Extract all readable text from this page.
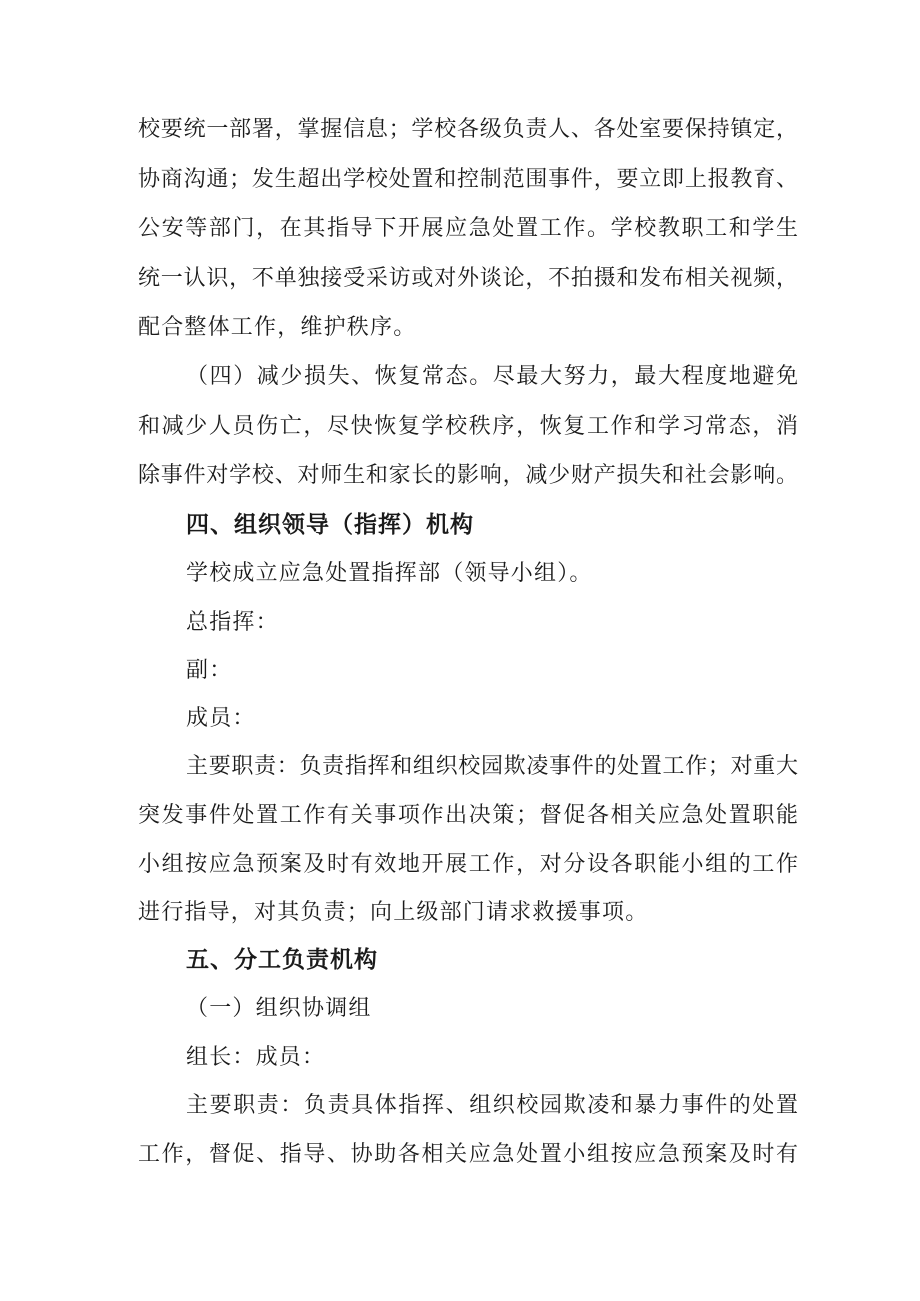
校要统一部署，掌握信息；学校各级负责人、各处室要保持镇定，
协商沟通；发生超出学校处置和控制范围事件，要立即上报教育、
公安等部门，在其指导下开展应急处置工作。学校教职工和学生
统一认识，不单独接受采访或对外谈论，不拍摄和发布相关视频，
配合整体工作，维护秩序。
（四）减少损失、恢复常态。尽最大努力，最大程度地避免
和减少人员伤亡，尽快恢复学校秩序，恢复工作和学习常态，消
除事件对学校、对师生和家长的影响，减少财产损失和社会影响。
四、组织领导（指挥）机构
学校成立应急处置指挥部（领导小组）。
总指挥：
副：
成员：
主要职责：负责指挥和组织校园欺凌事件的处置工作；对重大
突发事件处置工作有关事项作出决策；督促各相关应急处置职能
小组按应急预案及时有效地开展工作，对分设各职能小组的工作
进行指导，对其负责；向上级部门请求救援事项。
五、分工负责机构
（一）组织协调组
组长：成员：
主要职责：负责具体指挥、组织校园欺凌和暴力事件的处置
工作，督促、指导、协助各相关应急处置小组按应急预案及时有
